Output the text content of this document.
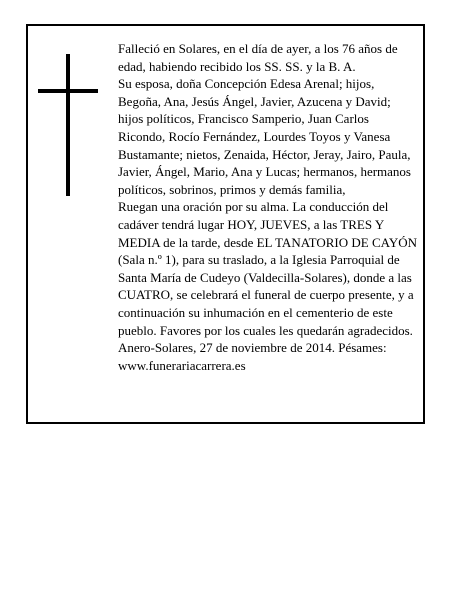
Falleció en Solares, en el día de ayer, a los 76 años de edad, habiendo recibido los SS. SS. y la B. A.

Su esposa, doña Concepción Edesa Arenal; hijos, Begoña, Ana, Jesús Ángel, Javier, Azucena y David; hijos políticos, Francisco Samperio, Juan Carlos Ricondo, Rocío Fernández, Lourdes Toyos y Vanesa Bustamante; nietos, Zenaida, Héctor, Jeray, Jairo, Paula, Javier, Ángel, Mario, Ana y Lucas; hermanos, hermanos políticos, sobrinos, primos y demás familia,

Ruegan una oración por su alma. La conducción del cadáver tendrá lugar HOY, JUEVES, a las TRES Y MEDIA de la tarde, desde EL TANATORIO DE CAYÓN (Sala n.º 1), para su traslado, a la Iglesia Parroquial de Santa María de Cudeyo (Valdecilla-Solares), donde a las CUATRO, se celebrará el funeral de cuerpo presente, y a continuación su inhumación en el cementerio de este pueblo. Favores por los cuales les quedarán agradecidos.

Anero-Solares, 27 de noviembre de 2014. Pésames: www.funerariacarrera.es
